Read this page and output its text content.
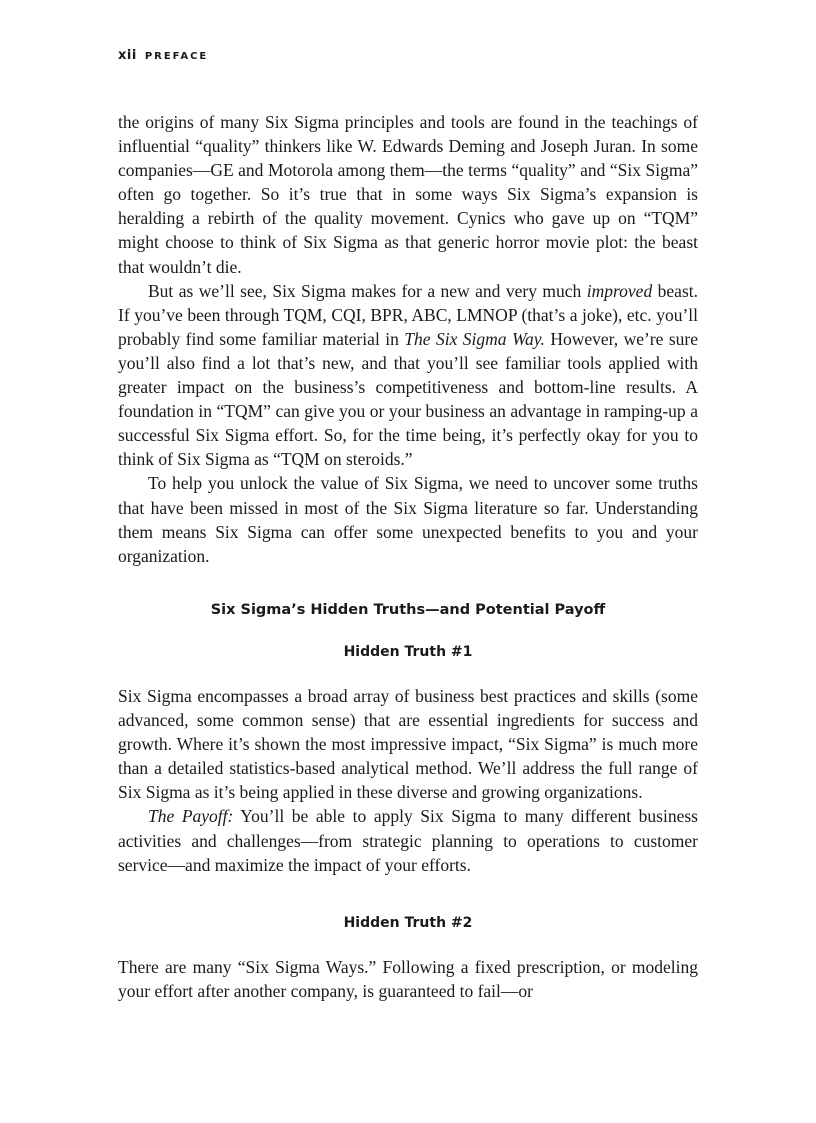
xii PREFACE

the origins of many Six Sigma principles and tools are found in the teachings of influential “quality” thinkers like W. Edwards Deming and Joseph Juran. In some companies—GE and Motorola among them—the terms “quality” and “Six Sigma” often go together. So it’s true that in some ways Six Sigma’s expansion is heralding a rebirth of the quality movement. Cynics who gave up on “TQM” might choose to think of Six Sigma as that generic horror movie plot: the beast that wouldn’t die.

But as we’ll see, Six Sigma makes for a new and very much improved beast. If you’ve been through TQM, CQI, BPR, ABC, LMNOP (that’s a joke), etc. you’ll probably find some familiar material in The Six Sigma Way. However, we’re sure you’ll also find a lot that’s new, and that you’ll see familiar tools applied with greater impact on the business’s competitiveness and bottom-line results. A foundation in “TQM” can give you or your business an advantage in ramping-up a successful Six Sigma effort. So, for the time being, it’s perfectly okay for you to think of Six Sigma as “TQM on steroids.”

To help you unlock the value of Six Sigma, we need to uncover some truths that have been missed in most of the Six Sigma literature so far. Understanding them means Six Sigma can offer some unexpected benefits to you and your organization.

Six Sigma’s Hidden Truths—and Potential Payoff
Hidden Truth #1

Six Sigma encompasses a broad array of business best practices and skills (some advanced, some common sense) that are essential ingredients for success and growth. Where it’s shown the most impressive impact, “Six Sigma” is much more than a detailed statistics-based analytical method. We’ll address the full range of Six Sigma as it’s being applied in these diverse and growing organizations.

The Payoff: You’ll be able to apply Six Sigma to many different business activities and challenges—from strategic planning to operations to customer service—and maximize the impact of your efforts.

Hidden Truth #2

There are many “Six Sigma Ways.” Following a fixed prescription, or modeling your effort after another company, is guaranteed to fail—or
